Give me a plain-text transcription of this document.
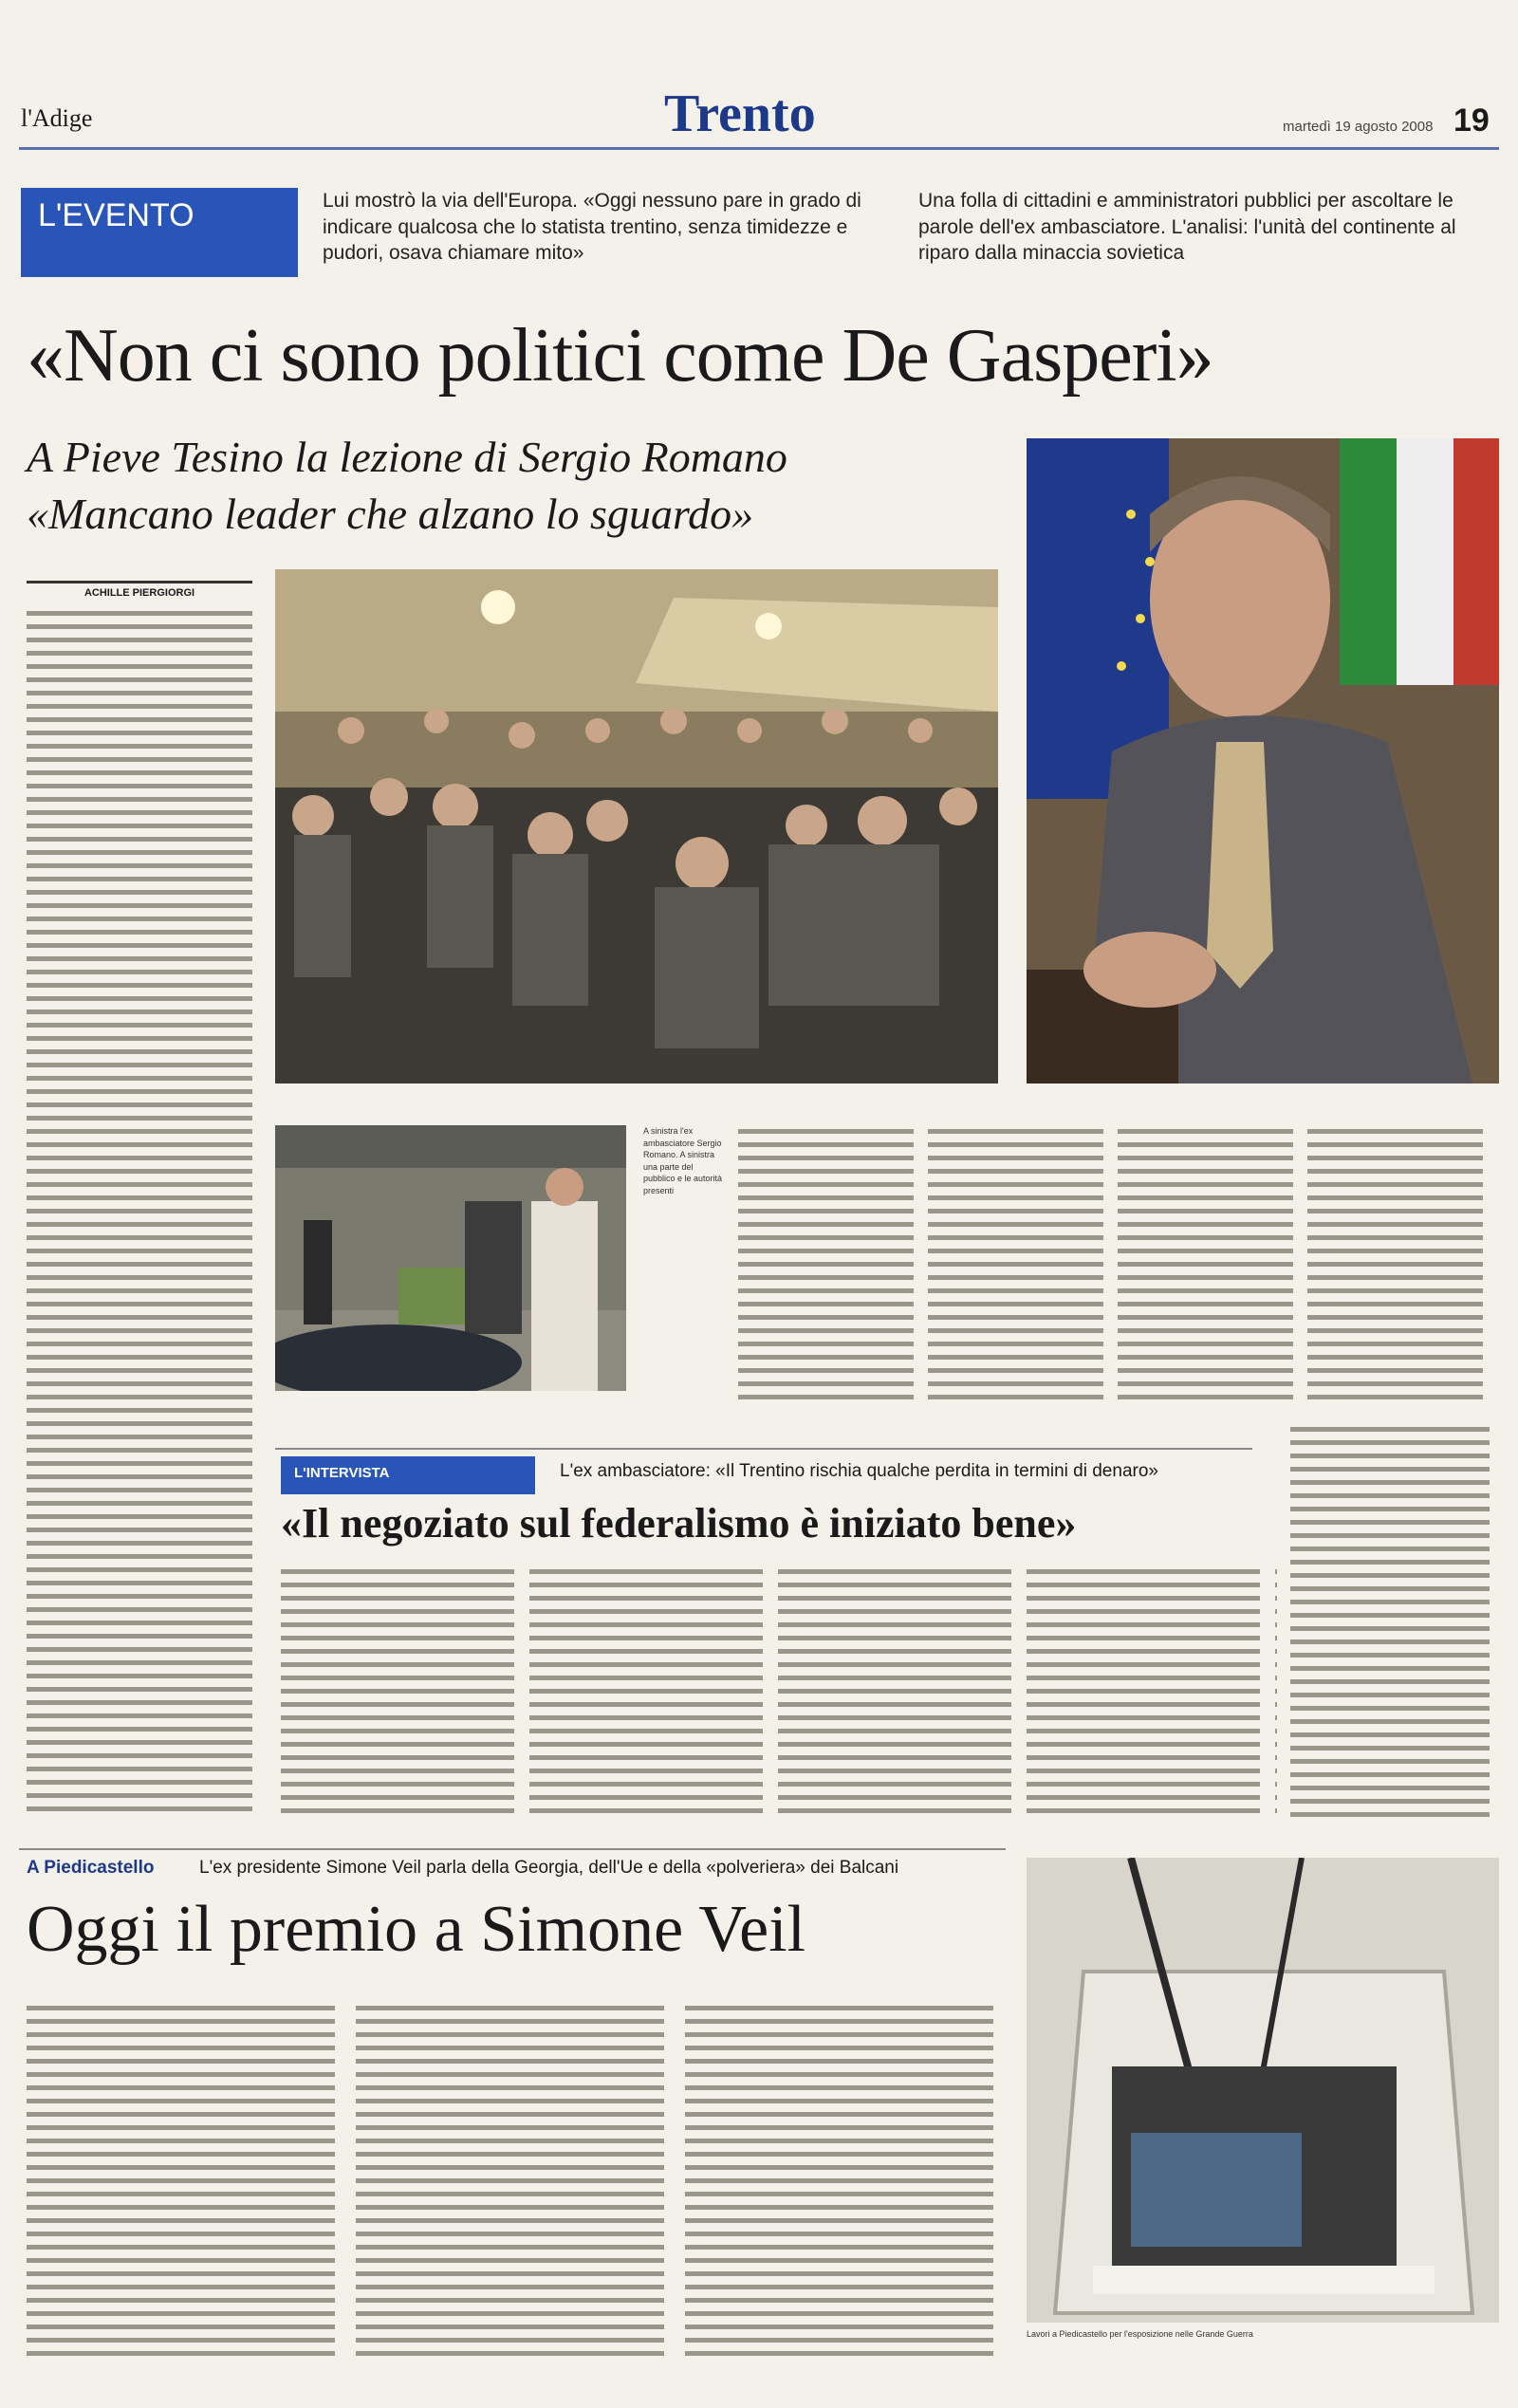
l'Adige	Trento	martedì 19 agosto 2008 19
L'EVENTO	Lui mostrò la via dell'Europa. «Oggi nessuno pare in grado di indicare qualcosa che lo statista trentino, senza timidezze e pudori, osava chiamare mito»
Una folla di cittadini e amministratori pubblici per ascoltare le parole dell'ex ambasciatore. L'analisi: l'unità del continente al riparo dalla minaccia sovietica
«Non ci sono politici come De Gasperi»
A Pieve Tesino la lezione di Sergio Romano
«Mancano leader che alzano lo sguardo»
ACHILLE PIERGIORGI
A sinistra l'ex ambasciatore Sergio Romano. A sinistra una parte del pubblico e le autorità presenti
L'INTERVISTA	L'ex ambasciatore: «Il Trentino rischia qualche perdita in termini di denaro»
«Il negoziato sul federalismo è iniziato bene»
A Piedicastello	L'ex presidente Simone Veil parla della Georgia, dell'Ue e della «polveriera» dei Balcani
Oggi il premio a Simone Veil
Lavori a Piedicastello per l'esposizione nelle Grande Guerra
